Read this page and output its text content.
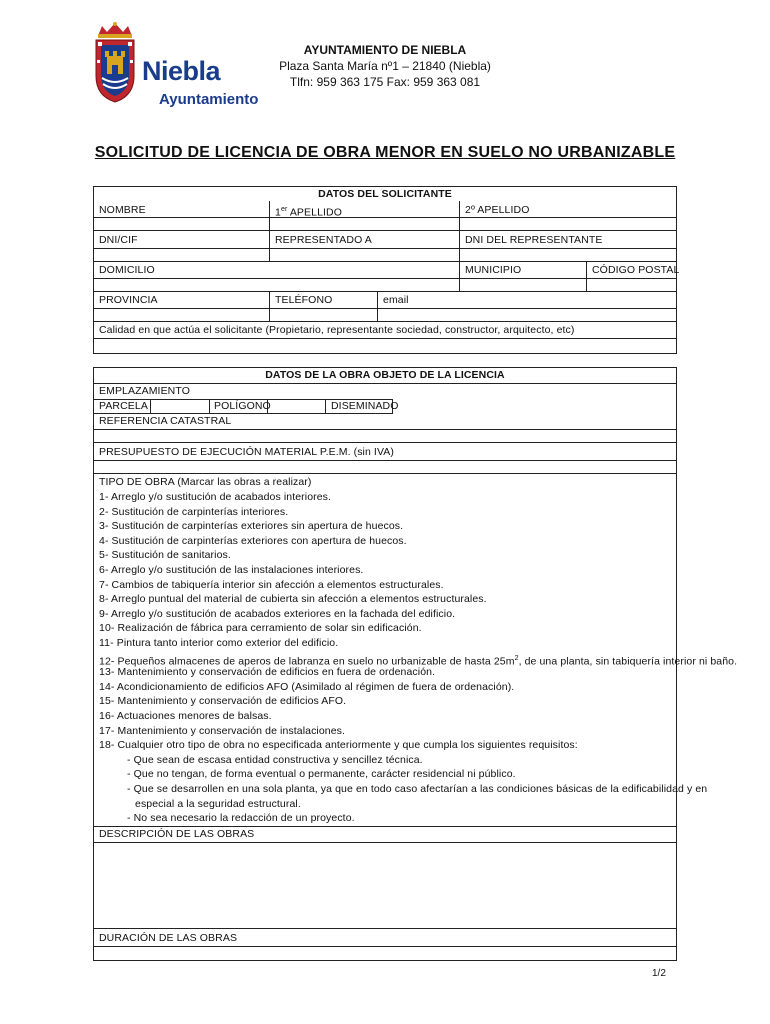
Niebla
Ayuntamiento
AYUNTAMIENTO DE NIEBLA
Plaza Santa María nº1 – 21840 (Niebla)
Tlfn: 959 363 175 Fax: 959 363 081
SOLICITUD DE LICENCIA DE OBRA MENOR EN SUELO NO URBANIZABLE
DATOS DEL SOLICITANTE
NOMBRE	1er APELLIDO	2º APELLIDO
DNI/CIF	REPRESENTADO A	DNI DEL REPRESENTANTE
DOMICILIO	MUNICIPIO	CÓDIGO POSTAL
PROVINCIA	TELÉFONO	email
Calidad en que actúa el solicitante (Propietario, representante sociedad, constructor, arquitecto, etc)
DATOS DE LA OBRA OBJETO DE LA LICENCIA
EMPLAZAMIENTO
PARCELA	POLÍGONO	DISEMINADO
REFERENCIA CATASTRAL
PRESUPUESTO DE EJECUCIÓN MATERIAL P.E.M. (sin IVA)
TIPO DE OBRA (Marcar las obras a realizar)
1- Arreglo y/o sustitución de acabados interiores.
2- Sustitución de carpinterías interiores.
3- Sustitución de carpinterías exteriores sin apertura de huecos.
4- Sustitución de carpinterías exteriores con apertura de huecos.
5- Sustitución de sanitarios.
6- Arreglo y/o sustitución de las instalaciones interiores.
7- Cambios de tabiquería interior sin afección a elementos estructurales.
8- Arreglo puntual del material de cubierta sin afección a elementos estructurales.
9- Arreglo y/o sustitución de acabados exteriores en la fachada del edificio.
10- Realización de fábrica para cerramiento de solar sin edificación.
11- Pintura tanto interior como exterior del edificio.
12- Pequeños almacenes de aperos de labranza en suelo no urbanizable de hasta $25m^2$, de una planta, sin tabiquería interior ni baño.
13- Mantenimiento y conservación de edificios en fuera de ordenación.
14- Acondicionamiento de edificios AFO (Asimilado al régimen de fuera de ordenación).
15- Mantenimiento y conservación de edificios AFO.
16- Actuaciones menores de balsas.
17- Mantenimiento y conservación de instalaciones.
18- Cualquier otro tipo de obra no especificada anteriormente y que cumpla los siguientes requisitos:
- Que sean de escasa entidad constructiva y sencillez técnica.
- Que no tengan, de forma eventual o permanente, carácter residencial ni público.
- Que se desarrollen en una sola planta, ya que en todo caso afectarían a las condiciones básicas de la edificabilidad y en
especial a la seguridad estructural.
- No sea necesario la redacción de un proyecto.
DESCRIPCIÓN DE LAS OBRAS
DURACIÓN DE LAS OBRAS
1/2
